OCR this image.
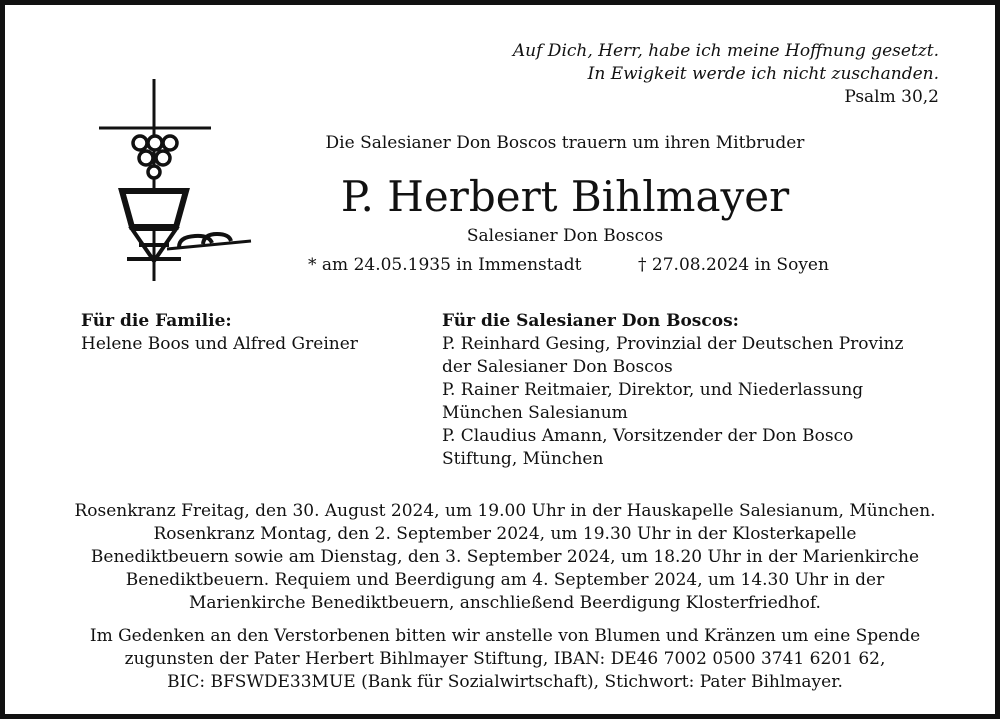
Auf Dich, Herr, habe ich meine Hoffnung gesetzt.
In Ewigkeit werde ich nicht zuschanden.
Psalm 30,2
Die Salesianer Don Boscos trauern um ihren Mitbruder
P. Herbert Bihlmayer
Salesianer Don Boscos
* am 24.05.1935 in Immenstadt	† 27.08.2024 in Soyen
Für die Familie:
Helene Boos und Alfred Greiner
Für die Salesianer Don Boscos:
P. Reinhard Gesing, Provinzial der Deutschen Provinz
der Salesianer Don Boscos
P. Rainer Reitmaier, Direktor, und Niederlassung
München Salesianum
P. Claudius Amann, Vorsitzender der Don Bosco
Stiftung, München
Rosenkranz Freitag, den 30. August 2024, um 19.00 Uhr in der Hauskapelle Salesianum, München.
Rosenkranz Montag, den 2. September 2024, um 19.30 Uhr in der Klosterkapelle
Benediktbeuern sowie am Dienstag, den 3. September 2024, um 18.20 Uhr in der Marienkirche
Benediktbeuern. Requiem und Beerdigung am 4. September 2024, um 14.30 Uhr in der
Marienkirche Benediktbeuern, anschließend Beerdigung Klosterfriedhof.
Im Gedenken an den Verstorbenen bitten wir anstelle von Blumen und Kränzen um eine Spende
zugunsten der Pater Herbert Bihlmayer Stiftung, IBAN: DE46 7002 0500 3741 6201 62,
BIC: BFSWDE33MUE (Bank für Sozialwirtschaft), Stichwort: Pater Bihlmayer.
